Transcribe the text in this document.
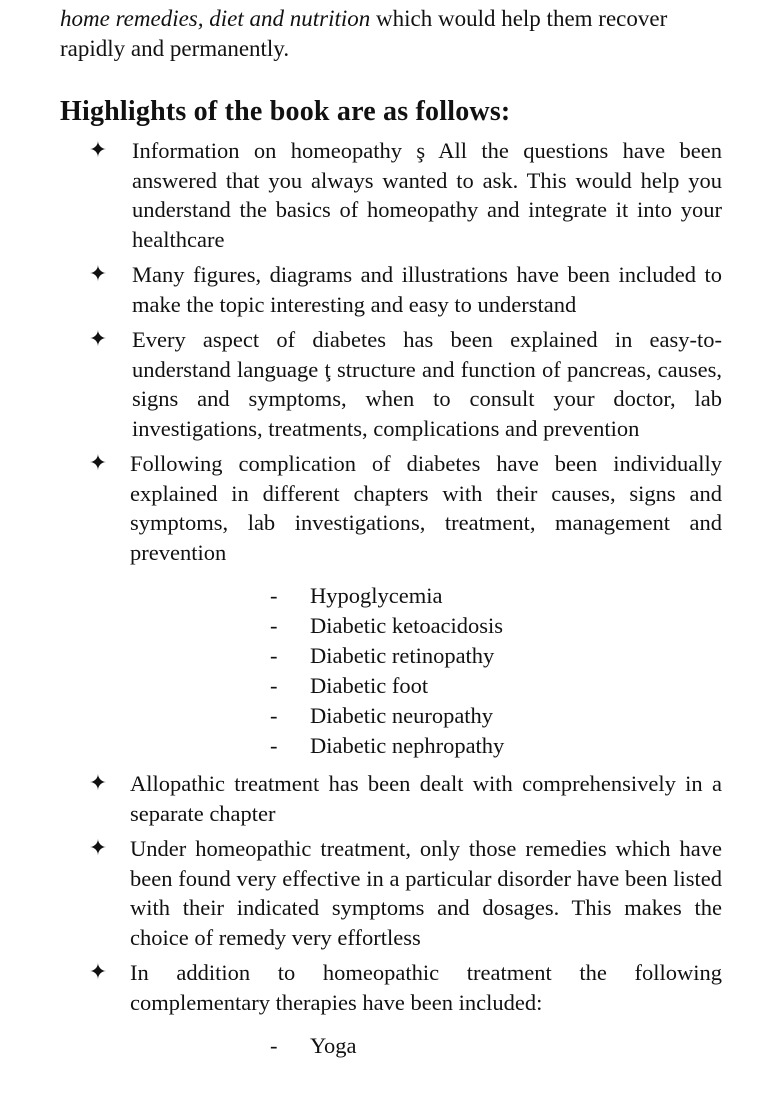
home remedies, diet and nutrition which would help them recover
rapidly and permanently.
Highlights of the book are as follows:
✦ Information on homeopathy ş All the questions have been answered that you always wanted to ask. This would help you understand the basics of homeopathy and integrate it into your healthcare
✦ Many figures, diagrams and illustrations have been included to make the topic interesting and easy to understand
✦ Every aspect of diabetes has been explained in easy-to-understand language ţ structure and function of pancreas, causes, signs and symptoms, when to consult your doctor, lab investigations, treatments, complications and prevention
✦ Following complication of diabetes have been individually explained in different chapters with their causes, signs and symptoms, lab investigations, treatment, management and prevention
- Hypoglycemia
- Diabetic ketoacidosis
- Diabetic retinopathy
- Diabetic foot
- Diabetic neuropathy
- Diabetic nephropathy
✦ Allopathic treatment has been dealt with comprehensively in a separate chapter
✦ Under homeopathic treatment, only those remedies which have been found very effective in a particular disorder have been listed with their indicated symptoms and dosages. This makes the choice of remedy very effortless
✦ In addition to homeopathic treatment the following complementary therapies have been included:
- Yoga
